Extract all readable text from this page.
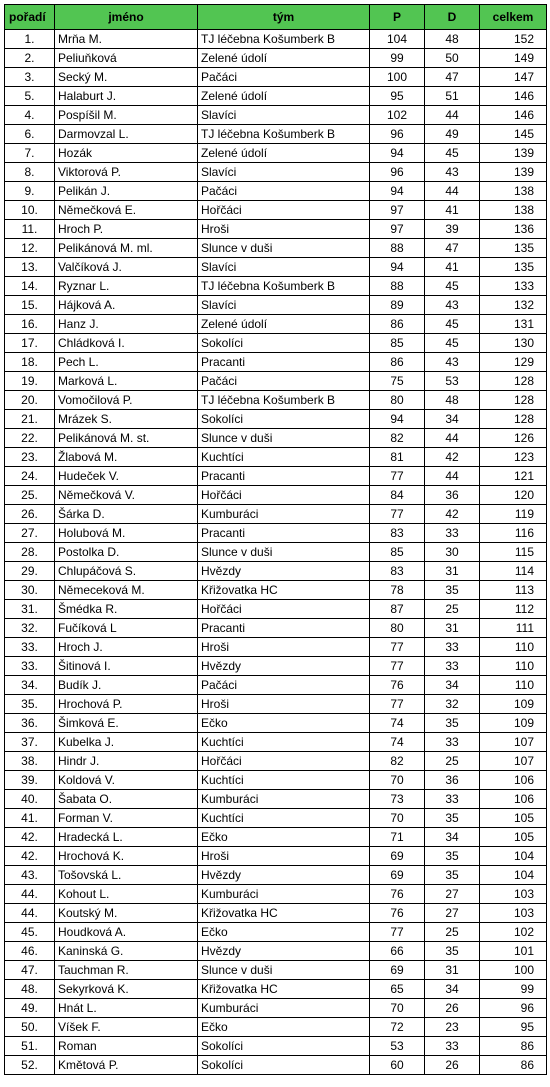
pořadí	jméno	tým	P	D	celkem
1.	Mrňa M.	TJ léčebna Košumberk B	104	48	152
2.	Peliuňková	Zelené údolí	99	50	149
3.	Secký M.	Pačáci	100	47	147
5.	Halaburt J.	Zelené údolí	95	51	146
4.	Pospíšil M.	Slavíci	102	44	146
6.	Darmovzal L.	TJ léčebna Košumberk B	96	49	145
7.	Hozák	Zelené údolí	94	45	139
8.	Viktorová P.	Slavíci	96	43	139
9.	Pelikán J.	Pačáci	94	44	138
10.	Němečková E.	Hořčáci	97	41	138
11.	Hroch P.	Hroši	97	39	136
12.	Pelikánová M. ml.	Slunce v duši	88	47	135
13.	Valčíková J.	Slavíci	94	41	135
14.	Ryznar L.	TJ léčebna Košumberk B	88	45	133
15.	Hájková A.	Slavíci	89	43	132
16.	Hanz J.	Zelené údolí	86	45	131
17.	Chládková I.	Sokolíci	85	45	130
18.	Pech L.	Pracanti	86	43	129
19.	Marková L.	Pačáci	75	53	128
20.	Vomočilová P.	TJ léčebna Košumberk B	80	48	128
21.	Mrázek S.	Sokolíci	94	34	128
22.	Pelikánová M. st.	Slunce v duši	82	44	126
23.	Žlabová M.	Kuchtíci	81	42	123
24.	Hudeček V.	Pracanti	77	44	121
25.	Němečková V.	Hořčáci	84	36	120
26.	Šárka D.	Kumburáci	77	42	119
27.	Holubová M.	Pracanti	83	33	116
28.	Postolka D.	Slunce v duši	85	30	115
29.	Chlupáčová S.	Hvězdy	83	31	114
30.	Němeceková M.	Křižovatka HC	78	35	113
31.	Šmédka R.	Hořčáci	87	25	112
32.	Fučíková L	Pracanti	80	31	111
33.	Hroch J.	Hroši	77	33	110
33.	Šitinová I.	Hvězdy	77	33	110
34.	Budík J.	Pačáci	76	34	110
35.	Hrochová P.	Hroši	77	32	109
36.	Šimková E.	Ečko	74	35	109
37.	Kubelka J.	Kuchtíci	74	33	107
38.	Hindr J.	Hořčáci	82	25	107
39.	Koldová V.	Kuchtíci	70	36	106
40.	Šabata O.	Kumburáci	73	33	106
41.	Forman V.	Kuchtíci	70	35	105
42.	Hradecká L.	Ečko	71	34	105
42.	Hrochová K.	Hroši	69	35	104
43.	Tošovská L.	Hvězdy	69	35	104
44.	Kohout L.	Kumburáci	76	27	103
44.	Koutský M.	Křižovatka HC	76	27	103
45.	Houdková A.	Ečko	77	25	102
46.	Kaninská G.	Hvězdy	66	35	101
47.	Tauchman R.	Slunce v duši	69	31	100
48.	Sekyrková K.	Křižovatka HC	65	34	99
49.	Hnát L.	Kumburáci	70	26	96
50.	Víšek F.	Ečko	72	23	95
51.	Roman	Sokolíci	53	33	86
52.	Kmětová P.	Sokolíci	60	26	86
